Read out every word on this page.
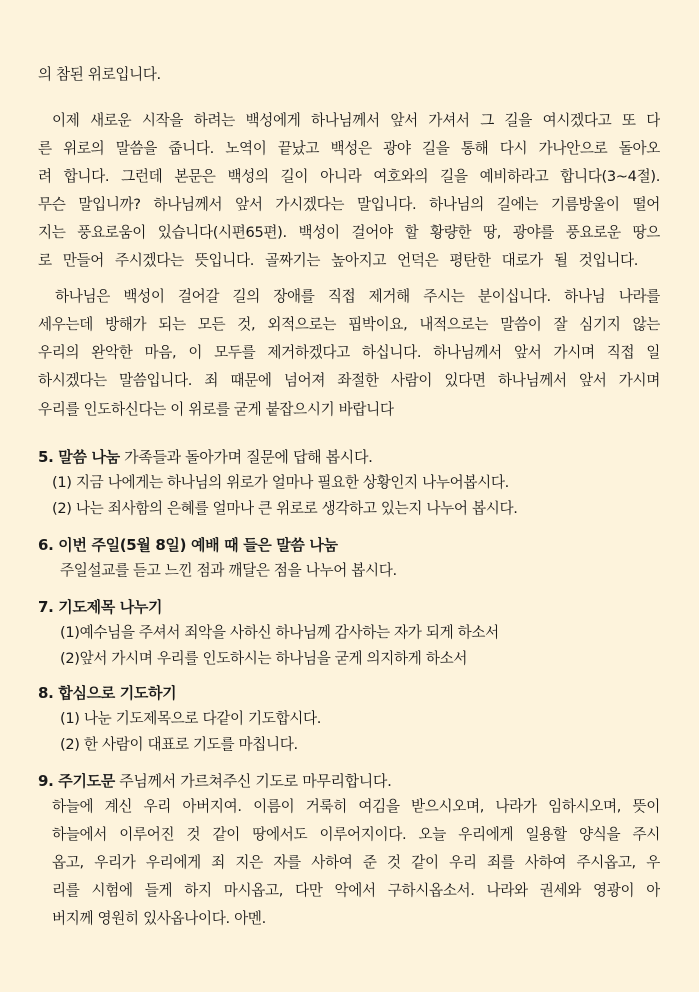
의 참된 위로입니다.
이제 새로운 시작을 하려는 백성에게 하나님께서 앞서 가셔서 그 길을 여시겠다고 또 다
른 위로의 말씀을 줍니다. 노역이 끝났고 백성은 광야 길을 통해 다시 가나안으로 돌아오
려 합니다. 그런데 본문은 백성의 길이 아니라 여호와의 길을 예비하라고 합니다(3~4절).
무슨 말입니까? 하나님께서 앞서 가시겠다는 말입니다. 하나님의 길에는 기름방울이 떨어
지는 풍요로움이 있습니다(시편65편). 백성이 걸어야 할 황량한 땅, 광야를 풍요로운 땅으
로 만들어 주시겠다는 뜻입니다. 골짜기는 높아지고 언덕은 평탄한 대로가 될 것입니다.
하나님은 백성이 걸어갈 길의 장애를 직접 제거해 주시는 분이십니다. 하나님 나라를
세우는데 방해가 되는 모든 것, 외적으로는 핍박이요, 내적으로는 말씀이 잘 심기지 않는
우리의 완악한 마음, 이 모두를 제거하겠다고 하십니다. 하나님께서 앞서 가시며 직접 일
하시겠다는 말씀입니다. 죄 때문에 넘어져 좌절한 사람이 있다면 하나님께서 앞서 가시며
우리를 인도하신다는 이 위로를 굳게 붙잡으시기 바랍니다
5. 말씀 나눔 가족들과 돌아가며 질문에 답해 봅시다.
(1) 지금 나에게는 하나님의 위로가 얼마나 필요한 상황인지 나누어봅시다.
(2) 나는 죄사함의 은혜를 얼마나 큰 위로로 생각하고 있는지 나누어 봅시다.
6. 이번 주일(5월 8일) 예배 때 들은 말씀 나눔
주일설교를 듣고 느낀 점과 깨달은 점을 나누어 봅시다.
7. 기도제목 나누기
(1)예수님을 주셔서 죄악을 사하신 하나님께 감사하는 자가 되게 하소서
(2)앞서 가시며 우리를 인도하시는 하나님을 굳게 의지하게 하소서
8. 합심으로 기도하기
(1) 나눈 기도제목으로 다같이 기도합시다.
(2) 한 사람이 대표로 기도를 마칩니다.
9. 주기도문 주님께서 가르쳐주신 기도로 마무리합니다.
하늘에 계신 우리 아버지여. 이름이 거룩히 여김을 받으시오며, 나라가 임하시오며, 뜻이
하늘에서 이루어진 것 같이 땅에서도 이루어지이다. 오늘 우리에게 일용할 양식을 주시
옵고, 우리가 우리에게 죄 지은 자를 사하여 준 것 같이 우리 죄를 사하여 주시옵고, 우
리를 시험에 들게 하지 마시옵고, 다만 악에서 구하시옵소서. 나라와 권세와 영광이 아
버지께 영원히 있사옵나이다. 아멘.
